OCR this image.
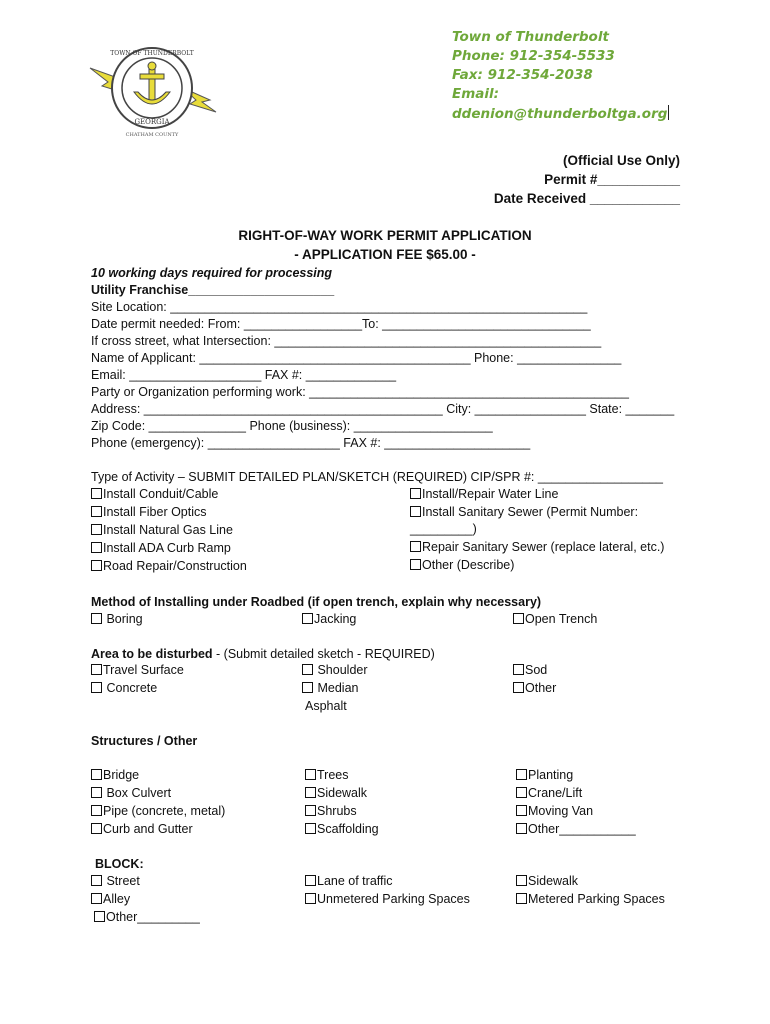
TOWN OF THUNDERBOLT
GEORGIA
CHATHAM COUNTY
Town of Thunderbolt
Phone: 912-354-5533
Fax: 912-354-2038
Email:
ddenion@thunderboltga.org
(Official Use Only)
Permit #___________
Date Received ____________
RIGHT-OF-WAY WORK PERMIT APPLICATION
- APPLICATION FEE $65.00 -
10 working days required for processing
Utility Franchise_____________________
Site Location: ____________________________________________________________
Date permit needed: From: _________________To: ______________________________
If cross street, what Intersection: _______________________________________________
Name of Applicant: _______________________________________ Phone: _______________
Email: ___________________ FAX #: _____________
Party or Organization performing work: ______________________________________________
Address: ___________________________________________ City: ________________ State: _______
Zip Code: ______________ Phone (business): ____________________
Phone (emergency): ___________________ FAX #: _____________________
Type of Activity – SUBMIT DETAILED PLAN/SKETCH (REQUIRED) CIP/SPR #: __________________
Install Conduit/Cable
Install Fiber Optics
Install Natural Gas Line
Install ADA Curb Ramp
Road Repair/Construction
Install/Repair Water Line
Install Sanitary Sewer (Permit Number:
_________)
Repair Sanitary Sewer (replace lateral, etc.)
Other (Describe)
Method of Installing under Roadbed (if open trench, explain why necessary)
Boring	Jacking	Open Trench
Area to be disturbed - (Submit detailed sketch - REQUIRED)
Travel Surface
Concrete
Shoulder
Median
Asphalt
Sod
Other
Structures / Other
Bridge
Box Culvert
Pipe (concrete, metal)
Curb and Gutter
Trees
Sidewalk
Shrubs
Scaffolding
Planting
Crane/Lift
Moving Van
Other___________
BLOCK:
Street
Alley
Other_________
Lane of traffic
Unmetered Parking Spaces
Sidewalk
Metered Parking Spaces
